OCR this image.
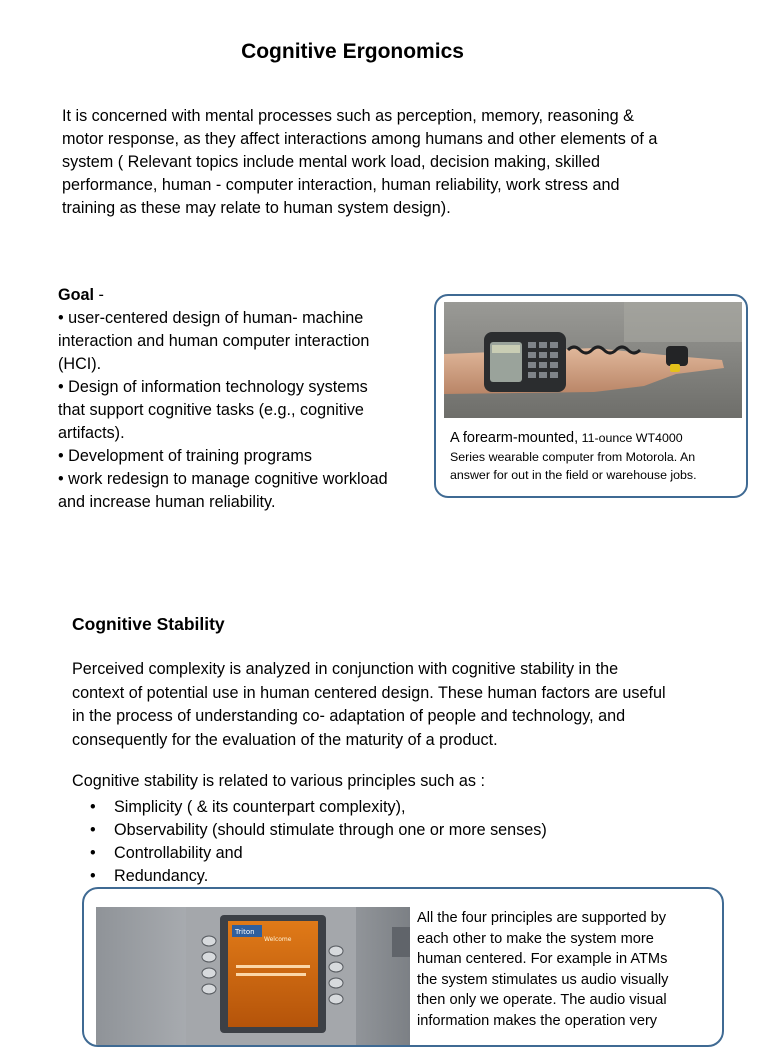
Cognitive Ergonomics
It is concerned with mental processes such as perception, memory, reasoning &
motor response, as they affect interactions among humans and other elements of a
system ( Relevant topics include mental work load, decision making, skilled
performance, human - computer interaction, human reliability, work stress and
training as these may relate to human system design).
Goal -
• user-centered design of human- machine
interaction and human computer interaction
(HCI).
• Design of information technology systems
that support cognitive tasks (e.g., cognitive
artifacts).
• Development of training programs
• work redesign to manage cognitive workload
and increase human reliability.
A forearm-mounted, 11-ounce WT4000
Series wearable computer from Motorola. An
answer for out in the field or warehouse jobs.
Cognitive Stability
Perceived complexity is analyzed in conjunction with cognitive stability in the
context of potential use in human centered design. These human factors are useful
in the process of understanding co- adaptation of people and technology, and
consequently for the evaluation of the maturity of a product.
Cognitive stability is related to various principles such as :
• Simplicity ( & its counterpart complexity),
• Observability (should stimulate through one or more senses)
• Controllability and
• Redundancy.
Triton
Welcome
All the four principles are supported by
each other to make the system more
human centered. For example in ATMs
the system stimulates us audio visually
then only we operate. The audio visual
information makes the operation very
